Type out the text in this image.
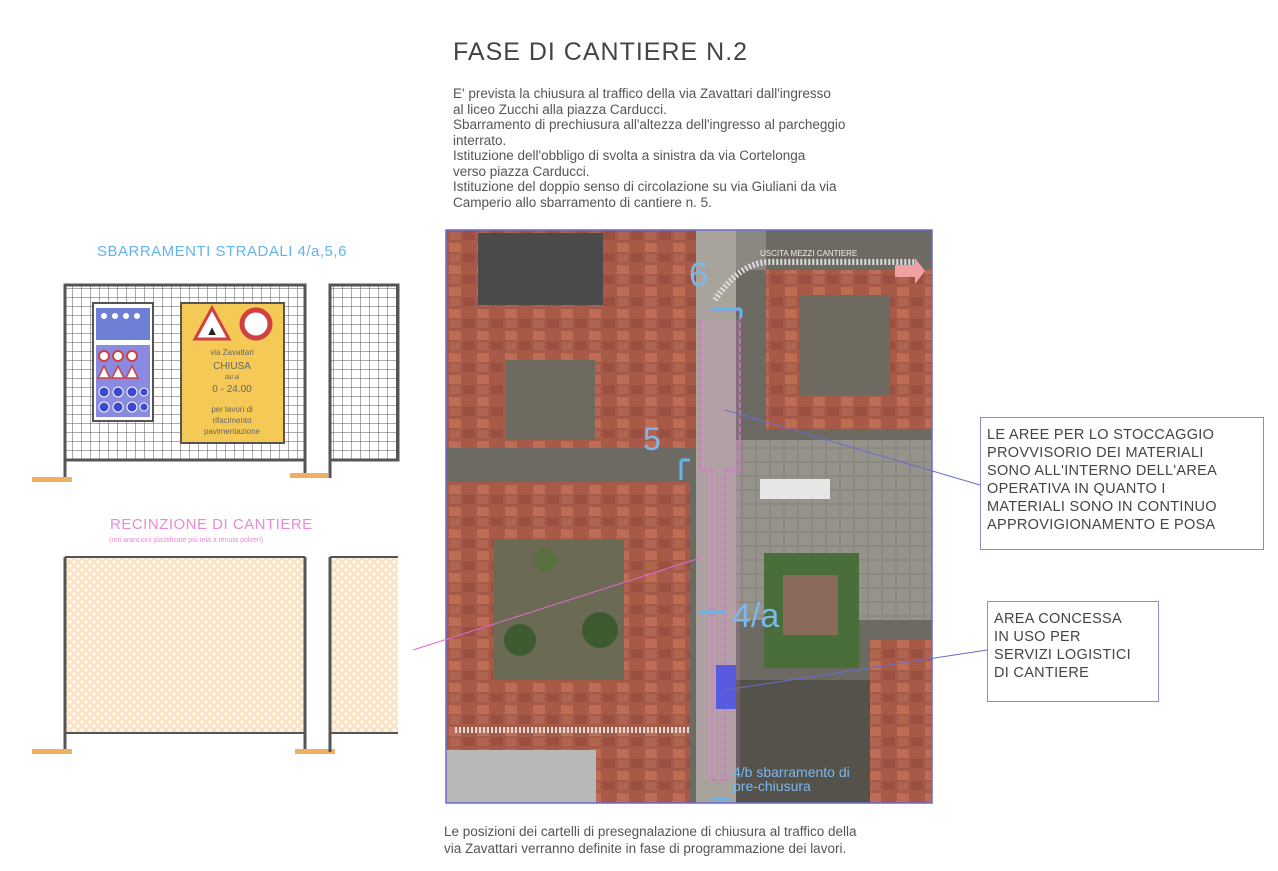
FASE DI CANTIERE N.2
E' prevista la chiusura al traffico della via Zavattari dall'ingresso
al liceo Zucchi alla piazza Carducci.
Sbarramento di prechiusura all'altezza dell'ingresso al parcheggio
interrato.
Istituzione dell'obbligo di svolta a sinistra da via Cortelonga
verso piazza Carducci.
Istituzione del doppio senso di circolazione su via Giuliani da via
Camperio allo sbarramento di cantiere n. 5.
SBARRAMENTI STRADALI 4/a,5,6
RECINZIONE DI CANTIERE
(reti arancioni plastificate più tela a tenuta polveri)
▲
via Zavattari
CHIUSA
dal al
0 - 24.00
per lavori di
rifacimento
pavimentazione
USCITA MEZZI CANTIERE
6
5
4/a
4/b sbarramento di
pre-chiusura
LE AREE PER LO STOCCAGGIO
PROVVISORIO DEI MATERIALI
SONO ALL'INTERNO DELL'AREA
OPERATIVA IN QUANTO I
MATERIALI SONO IN CONTINUO
APPROVIGIONAMENTO E POSA
AREA CONCESSA
IN USO PER
SERVIZI LOGISTICI
DI CANTIERE
Le posizioni dei cartelli di presegnalazione di chiusura al traffico della
via Zavattari verranno definite in fase di programmazione dei lavori.
